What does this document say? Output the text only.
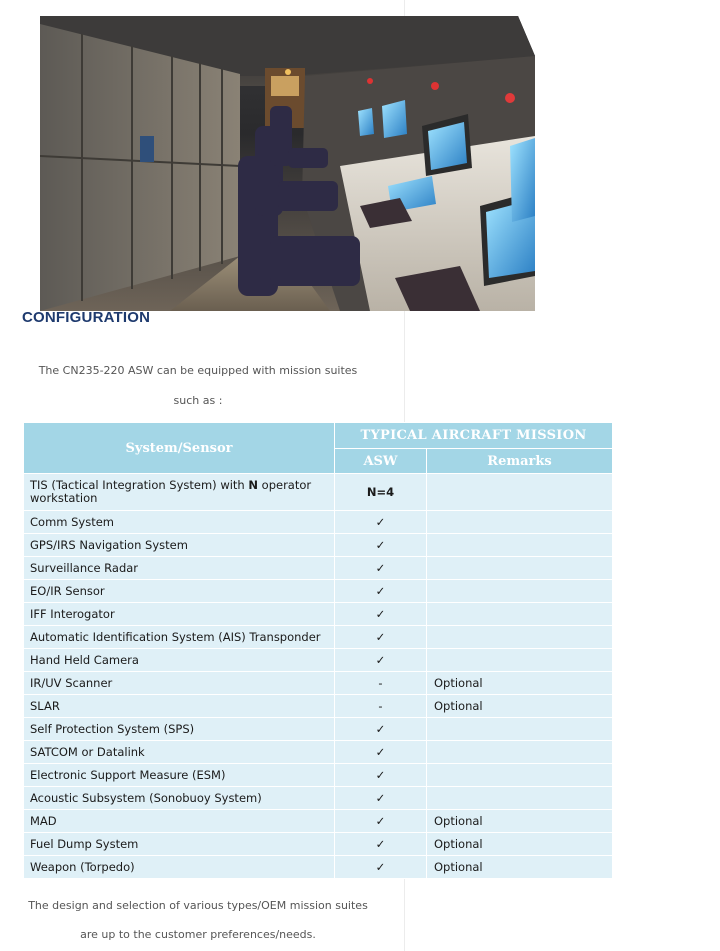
CONFIGURATION
The CN235-220 ASW can be equipped with mission suites
such as :
System/Sensor	TYPICAL AIRCRAFT MISSION	
	ASW	Remarks
TIS (Tactical Integration System) with N operator workstation	N=4	
Comm System	✓	
GPS/IRS Navigation System	✓	
Surveillance Radar	✓	
EO/IR Sensor	✓	
IFF Interogator	✓	
Automatic Identification System (AIS) Transponder	✓	
Hand Held Camera	✓	
IR/UV Scanner	-	Optional
SLAR	-	Optional
Self Protection System (SPS)	✓	
SATCOM or Datalink	✓	
Electronic Support Measure (ESM)	✓	
Acoustic Subsystem (Sonobuoy System)	✓	
MAD	✓	Optional
Fuel Dump System	✓	Optional
Weapon (Torpedo)	✓	Optional
The design and selection of various types/OEM mission suites
are up to the customer preferences/needs.
